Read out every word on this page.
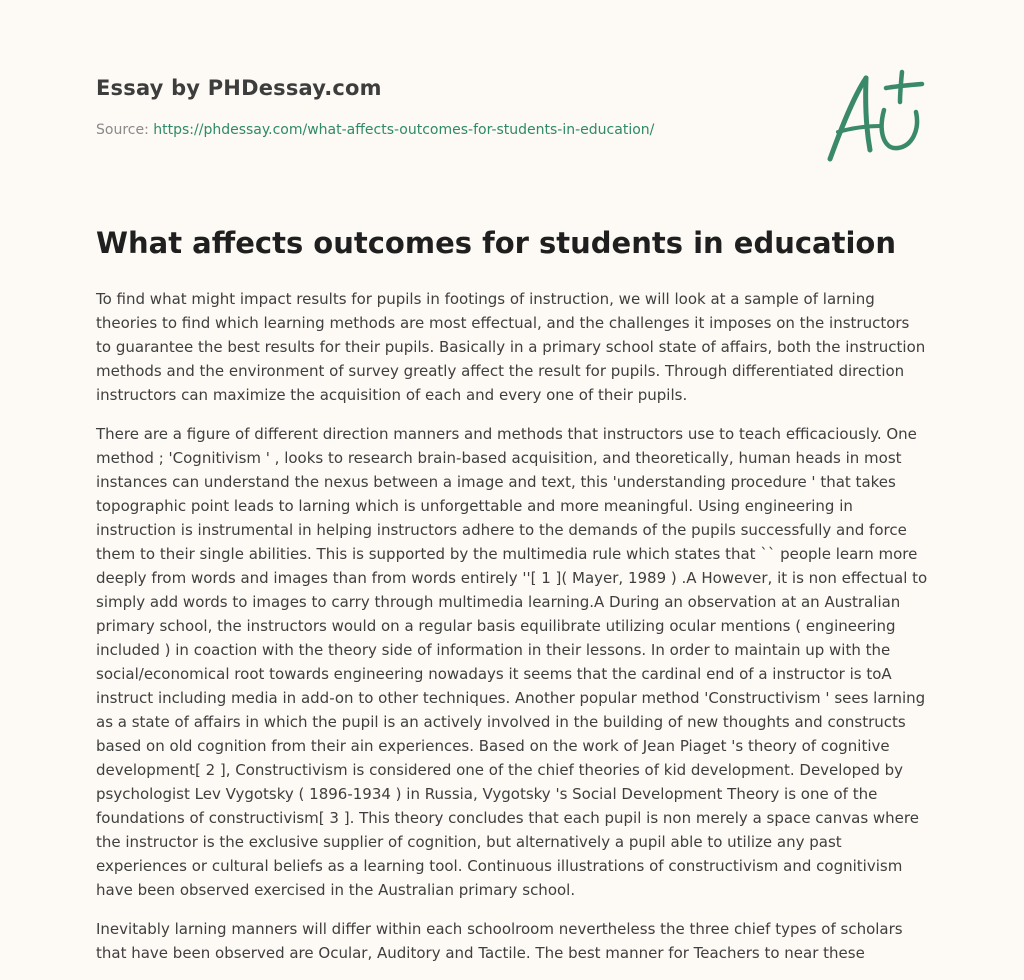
Essay by PHDessay.com
Source: https://phdessay.com/what-affects-outcomes-for-students-in-education/
What affects outcomes for students in education

To find what might impact results for pupils in footings of instruction, we will look at a sample of larning theories to find which learning methods are most effectual, and the challenges it imposes on the instructors to guarantee the best results for their pupils. Basically in a primary school state of affairs, both the instruction methods and the environment of survey greatly affect the result for pupils. Through differentiated direction instructors can maximize the acquisition of each and every one of their pupils.

There are a figure of different direction manners and methods that instructors use to teach efficaciously. One method ; 'Cognitivism ' , looks to research brain-based acquisition, and theoretically, human heads in most instances can understand the nexus between a image and text, this 'understanding procedure ' that takes topographic point leads to larning which is unforgettable and more meaningful. Using engineering in instruction is instrumental in helping instructors adhere to the demands of the pupils successfully and force them to their single abilities. This is supported by the multimedia rule which states that `` people learn more deeply from words and images than from words entirely ''[ 1 ]( Mayer, 1989 ) .A However, it is non effectual to simply add words to images to carry through multimedia learning.A During an observation at an Australian primary school, the instructors would on a regular basis equilibrate utilizing ocular mentions ( engineering included ) in coaction with the theory side of information in their lessons. In order to maintain up with the social/economical root towards engineering nowadays it seems that the cardinal end of a instructor is toA instruct including media in add-on to other techniques. Another popular method 'Constructivism ' sees larning as a state of affairs in which the pupil is an actively involved in the building of new thoughts and constructs based on old cognition from their ain experiences. Based on the work of Jean Piaget 's theory of cognitive development[ 2 ], Constructivism is considered one of the chief theories of kid development. Developed by psychologist Lev Vygotsky ( 1896-1934 ) in Russia, Vygotsky 's Social Development Theory is one of the foundations of constructivism[ 3 ]. This theory concludes that each pupil is non merely a space canvas where the instructor is the exclusive supplier of cognition, but alternatively a pupil able to utilize any past experiences or cultural beliefs as a learning tool. Continuous illustrations of constructivism and cognitivism have been observed exercised in the Australian primary school.

Inevitably larning manners will differ within each schoolroom nevertheless the three chief types of scholars that have been observed are Ocular, Auditory and Tactile. The best manner for Teachers to near these
